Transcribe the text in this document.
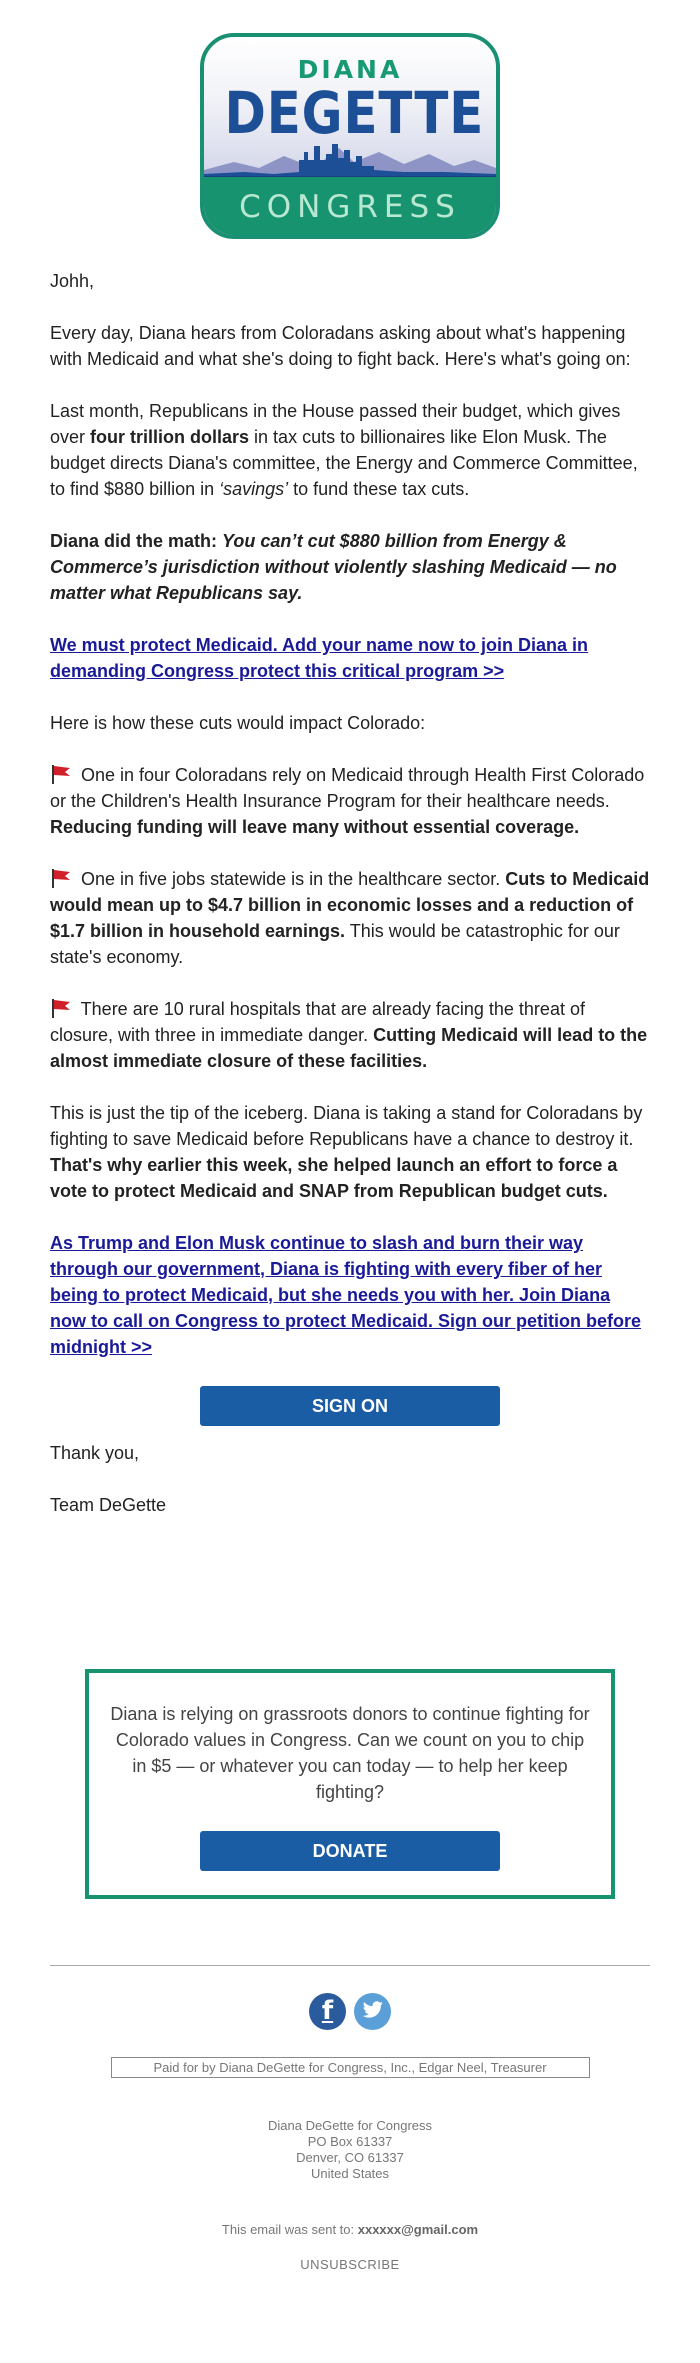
DIANA
DEGETTE
CONGRESS

Johh,

Every day, Diana hears from Coloradans asking about what's happening with Medicaid and what she's doing to fight back. Here's what's going on:

Last month, Republicans in the House passed their budget, which gives over four trillion dollars in tax cuts to billionaires like Elon Musk. The budget directs Diana's committee, the Energy and Commerce Committee, to find $880 billion in ‘savings’ to fund these tax cuts.

Diana did the math: You can’t cut $880 billion from Energy & Commerce’s jurisdiction without violently slashing Medicaid — no matter what Republicans say.

We must protect Medicaid. Add your name now to join Diana in demanding Congress protect this critical program >>

Here is how these cuts would impact Colorado:

One in four Coloradans rely on Medicaid through Health First Colorado or the Children's Health Insurance Program for their healthcare needs. Reducing funding will leave many without essential coverage.

One in five jobs statewide is in the healthcare sector. Cuts to Medicaid would mean up to $4.7 billion in economic losses and a reduction of $1.7 billion in household earnings. This would be catastrophic for our state's economy.

There are 10 rural hospitals that are already facing the threat of closure, with three in immediate danger. Cutting Medicaid will lead to the almost immediate closure of these facilities.

This is just the tip of the iceberg. Diana is taking a stand for Coloradans by fighting to save Medicaid before Republicans have a chance to destroy it. That's why earlier this week, she helped launch an effort to force a vote to protect Medicaid and SNAP from Republican budget cuts.

As Trump and Elon Musk continue to slash and burn their way through our government, Diana is fighting with every fiber of her being to protect Medicaid, but she needs you with her. Join Diana now to call on Congress to protect Medicaid. Sign our petition before midnight >>

SIGN ON

Thank you,

Team DeGette

Diana is relying on grassroots donors to continue fighting for Colorado values in Congress. Can we count on you to chip in $5 — or whatever you can today — to help her keep fighting?
DONATE
f
Paid for by Diana DeGette for Congress, Inc., Edgar Neel, Treasurer
Diana DeGette for Congress
PO Box 61337
Denver, CO 61337
United States
This email was sent to: xxxxxx@gmail.com
UNSUBSCRIBE
